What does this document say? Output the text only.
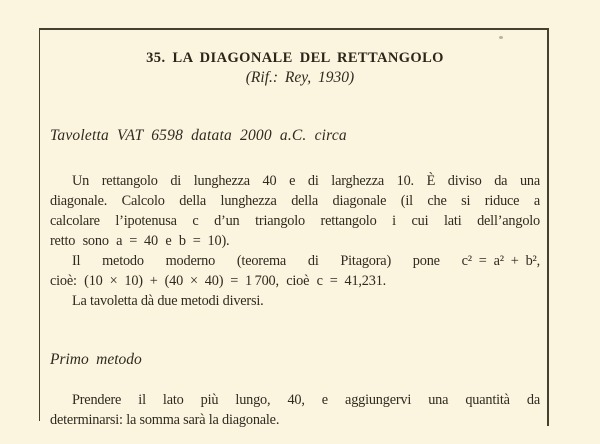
35. LA DIAGONALE DEL RETTANGOLO
(Rif.: Rey, 1930)
Tavoletta VAT 6598 datata 2000 a.C. circa
Un rettangolo di lunghezza 40 e di larghezza 10. È diviso da una
diagonale. Calcolo della lunghezza della diagonale (il che si riduce a
calcolare l’ipotenusa c d’un triangolo rettangolo i cui lati dell’angolo
retto sono a = 40 e b = 10).
Il metodo moderno (teorema di Pitagora) pone c² = a² + b²,
cioè: (10 × 10) + (40 × 40) = 1 700, cioè c = 41,231.
La tavoletta dà due metodi diversi.
Primo metodo
Prendere il lato più lungo, 40, e aggiungervi una quantità da
determinarsi: la somma sarà la diagonale.
